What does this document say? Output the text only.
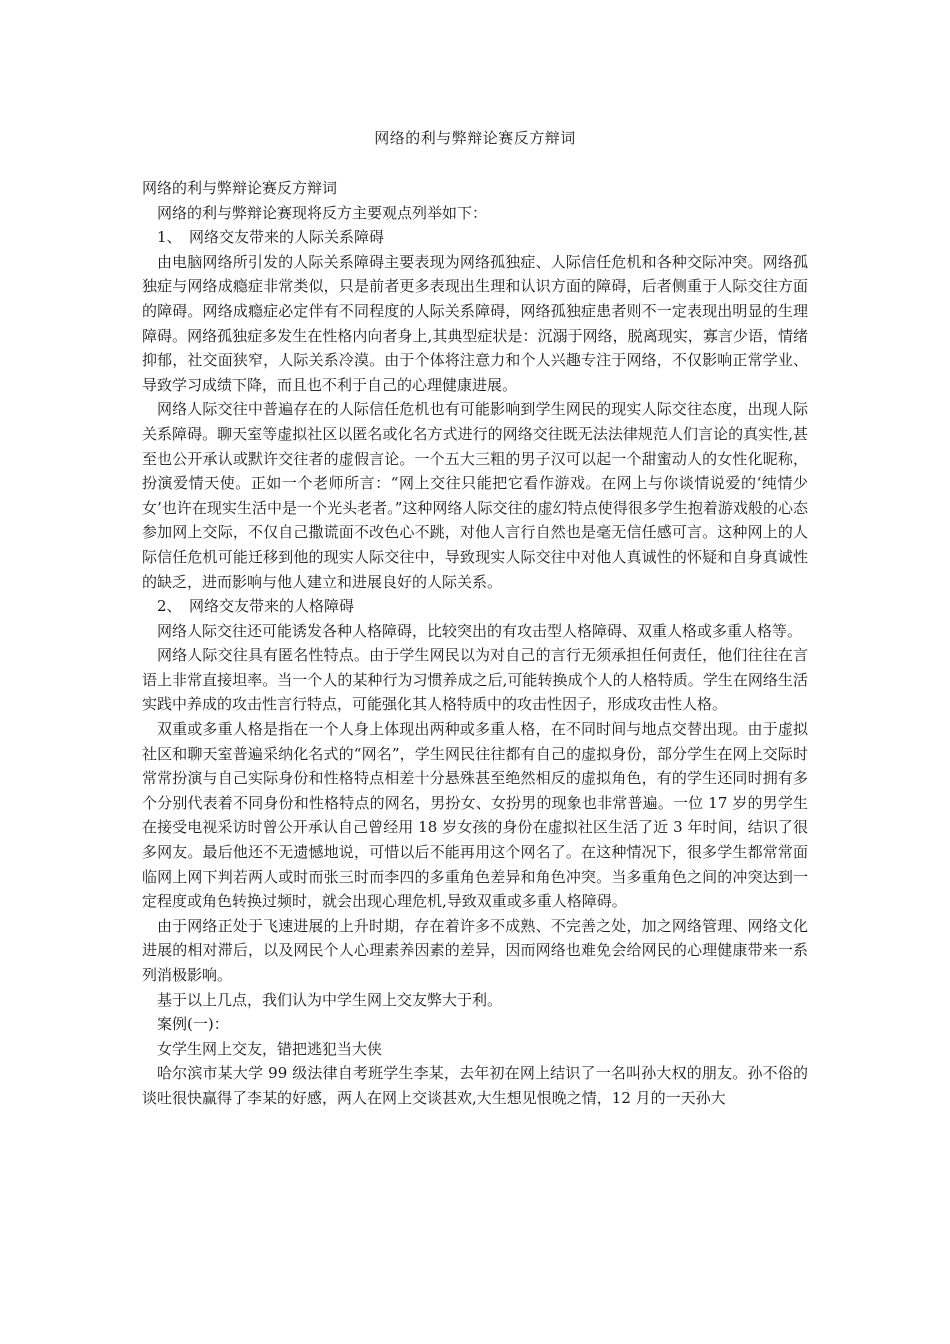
网络的利与弊辩论赛反方辩词

网络的利与弊辩论赛反方辩词

网络的利与弊辩论赛现将反方主要观点列举如下：

1、　网络交友带来的人际关系障碍

由电脑网络所引发的人际关系障碍主要表现为网络孤独症、人际信任危机和各种交际冲突。网络孤独症与网络成瘾症非常类似，只是前者更多表现出生理和认识方面的障碍，后者侧重于人际交往方面的障碍。网络成瘾症必定伴有不同程度的人际关系障碍，网络孤独症患者则不一定表现出明显的生理障碍。网络孤独症多发生在性格内向者身上,其典型症状是：沉溺于网络，脱离现实，寡言少语，情绪抑郁，社交面狭窄，人际关系冷漠。由于个体将注意力和个人兴趣专注于网络，不仅影响正常学业、导致学习成绩下降，而且也不利于自己的心理健康进展。

网络人际交往中普遍存在的人际信任危机也有可能影响到学生网民的现实人际交往态度，出现人际关系障碍。聊天室等虚拟社区以匿名或化名方式进行的网络交往既无法法律规范人们言论的真实性,甚至也公开承认或默许交往者的虚假言论。一个五大三粗的男子汉可以起一个甜蜜动人的女性化昵称，扮演爱情天使。正如一个老师所言：“网上交往只能把它看作游戏。在网上与你谈情说爱的‘纯情少女’也许在现实生活中是一个光头老者。”这种网络人际交往的虚幻特点使得很多学生抱着游戏般的心态参加网上交际，不仅自己撒谎面不改色心不跳，对他人言行自然也是毫无信任感可言。这种网上的人际信任危机可能迁移到他的现实人际交往中，导致现实人际交往中对他人真诚性的怀疑和自身真诚性的缺乏，进而影响与他人建立和进展良好的人际关系。

2、　网络交友带来的人格障碍

网络人际交往还可能诱发各种人格障碍，比较突出的有攻击型人格障碍、双重人格或多重人格等。

网络人际交往具有匿名性特点。由于学生网民以为对自己的言行无须承担任何责任，他们往往在言语上非常直接坦率。当一个人的某种行为习惯养成之后,可能转换成个人的人格特质。学生在网络生活实践中养成的攻击性言行特点，可能强化其人格特质中的攻击性因子，形成攻击性人格。

双重或多重人格是指在一个人身上体现出两种或多重人格，在不同时间与地点交替出现。由于虚拟社区和聊天室普遍采纳化名式的“网名”，学生网民往往都有自己的虚拟身份，部分学生在网上交际时常常扮演与自己实际身份和性格特点相差十分悬殊甚至绝然相反的虚拟角色，有的学生还同时拥有多个分别代表着不同身份和性格特点的网名，男扮女、女扮男的现象也非常普遍。一位 17 岁的男学生在接受电视采访时曾公开承认自己曾经用 18 岁女孩的身份在虚拟社区生活了近 3 年时间，结识了很多网友。最后他还不无遗憾地说，可惜以后不能再用这个网名了。在这种情况下，很多学生都常常面临网上网下判若两人或时而张三时而李四的多重角色差异和角色冲突。当多重角色之间的冲突达到一定程度或角色转换过频时，就会出现心理危机,导致双重或多重人格障碍。

由于网络正处于飞速进展的上升时期，存在着许多不成熟、不完善之处，加之网络管理、网络文化进展的相对滞后，以及网民个人心理素养因素的差异，因而网络也难免会给网民的心理健康带来一系列消极影响。

基于以上几点，我们认为中学生网上交友弊大于利。

案例(一)：

女学生网上交友，错把逃犯当大侠

哈尔滨市某大学 99 级法律自考班学生李某，去年初在网上结识了一名叫孙大权的朋友。孙不俗的谈吐很快赢得了李某的好感，两人在网上交谈甚欢,大生想见恨晚之情，12 月的一天孙大
